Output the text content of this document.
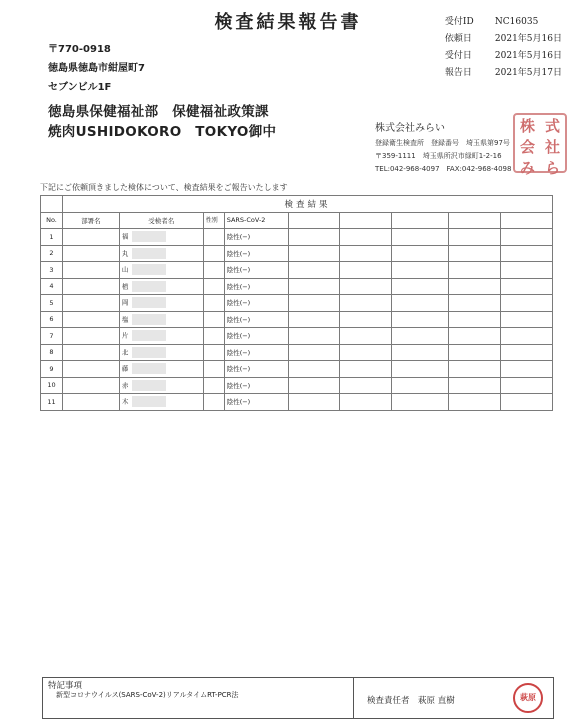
検査結果報告書	受付ID	NC16035
依頼日	2021年5月16日
受付日	2021年5月16日
報告日	2021年5月17日
〒770-0918
徳島県徳島市紺屋町7
セブンビル1F
徳島県保健福祉部　保健福祉政策課
焼肉USHIDOKORO　TOKYO御中	株式会社みらい
登録衛生検査所　登録番号　埼玉県第97号
〒359-1111　埼玉県所沢市緑町1-2-16
TEL:042-968-4097　FAX:042-968-4098
株 式
会 社
み ら
下記にご依頼頂きました検体について、検査結果をご報告いたします
	検査結果								
No.	部署名	受検者名	性別	SARS-CoV-2					
1		福		陰性(−)					
2		丸		陰性(−)					
3		山		陰性(−)					
4		植		陰性(−)					
5		岡		陰性(−)					
6		塩		陰性(−)					
7		片		陰性(−)					
8		北		陰性(−)					
9		藤		陰性(−)					
10		赤		陰性(−)					
11		木		陰性(−)					
特記事項
新型コロナウイルス(SARS-CoV-2)リアルタイムRT-PCR法
検査責任者　萩原 直樹	萩原
